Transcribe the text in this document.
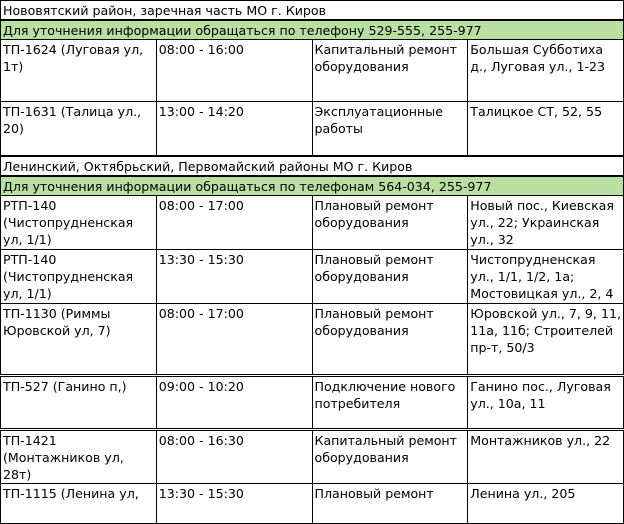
Нововятский район, заречная часть МО г. Киров			
Для уточнения информации обращаться по телефону 529-555, 255-977			
ТП-1624 (Луговая ул, 1т)	08:00 - 16:00	Капитальный ремонт оборудования	Большая Субботиха д., Луговая ул., 1-23
ТП-1631 (Талица ул., 20)	13:00 - 14:20	Эксплуатационные работы	Талицкое СТ, 52, 55
Ленинский, Октябрьский, Первомайский районы МО г. Киров			
Для уточнения информации обращаться по телефонам 564-034, 255-977			
РТП-140 (Чистопрудненская ул, 1/1)	08:00 - 17:00	Плановый ремонт оборудования	Новый пос., Киевская ул., 22; Украинская ул., 32
РТП-140 (Чистопрудненская ул, 1/1)	13:30 - 15:30	Плановый ремонт оборудования	Чистопрудненская ул., 1/1, 1/2, 1а; Мостовицкая ул., 2, 4
ТП-1130 (Риммы Юровской ул, 7)	08:00 - 17:00	Плановый ремонт оборудования	Юровской ул., 7, 9, 11, 11а, 11б; Строителей пр-т, 50/3
ТП-527 (Ганино п,)	09:00 - 10:20	Подключение нового потребителя	Ганино пос., Луговая ул., 10а, 11
ТП-1421 (Монтажников ул, 28т)	08:00 - 16:30	Капитальный ремонт оборудования	Монтажников ул., 22
ТП-1115 (Ленина ул,	13:30 - 15:30	Плановый ремонт	Ленина ул., 205
